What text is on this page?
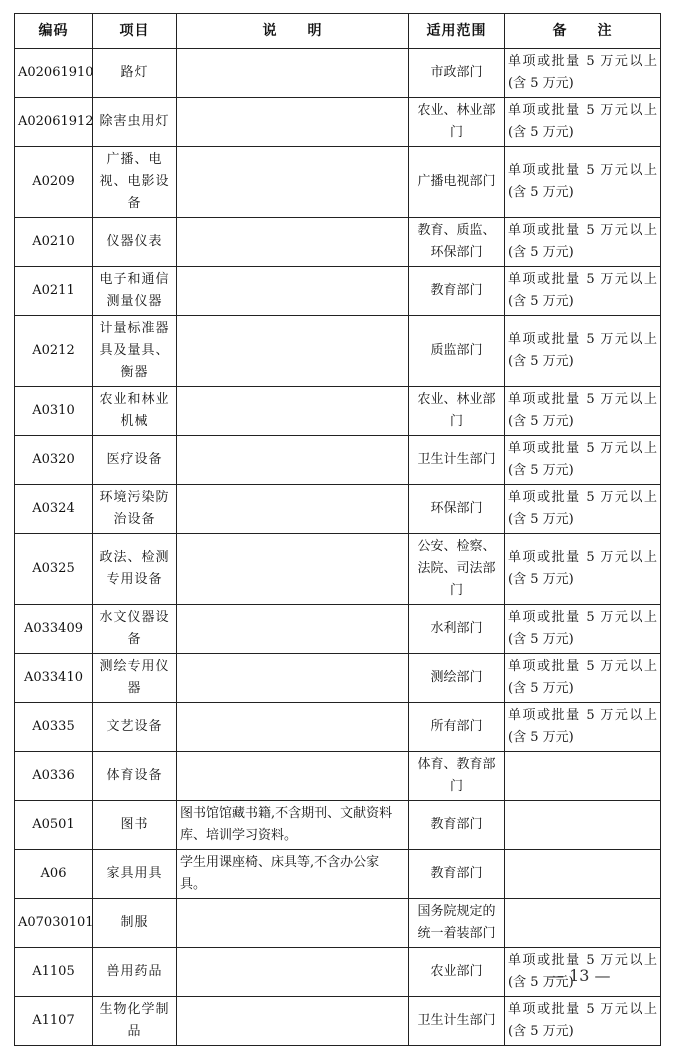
编码	项目	说　　明	适用范围	备　　注
A02061910	路灯		市政部门	单项或批量 5 万元以上(含 5 万元)
A02061912	除害虫用灯		农业、林业部门	单项或批量 5 万元以上(含 5 万元)
A0209	广播、电视、电影设备		广播电视部门	单项或批量 5 万元以上(含 5 万元)
A0210	仪器仪表		教育、质监、环保部门	单项或批量 5 万元以上(含 5 万元)
A0211	电子和通信测量仪器		教育部门	单项或批量 5 万元以上(含 5 万元)
A0212	计量标准器具及量具、衡器		质监部门	单项或批量 5 万元以上(含 5 万元)
A0310	农业和林业机械		农业、林业部门	单项或批量 5 万元以上(含 5 万元)
A0320	医疗设备		卫生计生部门	单项或批量 5 万元以上(含 5 万元)
A0324	环境污染防治设备		环保部门	单项或批量 5 万元以上(含 5 万元)
A0325	政法、检测专用设备		公安、检察、法院、司法部门	单项或批量 5 万元以上(含 5 万元)
A033409	水文仪器设备		水利部门	单项或批量 5 万元以上(含 5 万元)
A033410	测绘专用仪器		测绘部门	单项或批量 5 万元以上(含 5 万元)
A0335	文艺设备		所有部门	单项或批量 5 万元以上(含 5 万元)
A0336	体育设备		体育、教育部门	
A0501	图书	图书馆馆藏书籍,不含期刊、文献资料库、培训学习资料。	教育部门	
A06	家具用具	学生用课座椅、床具等,不含办公家具。	教育部门	
A07030101	制服		国务院规定的统一着装部门	
A1105	兽用药品		农业部门	单项或批量 5 万元以上(含 5 万元)
A1107	生物化学制品		卫生计生部门	单项或批量 5 万元以上(含 5 万元)
— 13 —
